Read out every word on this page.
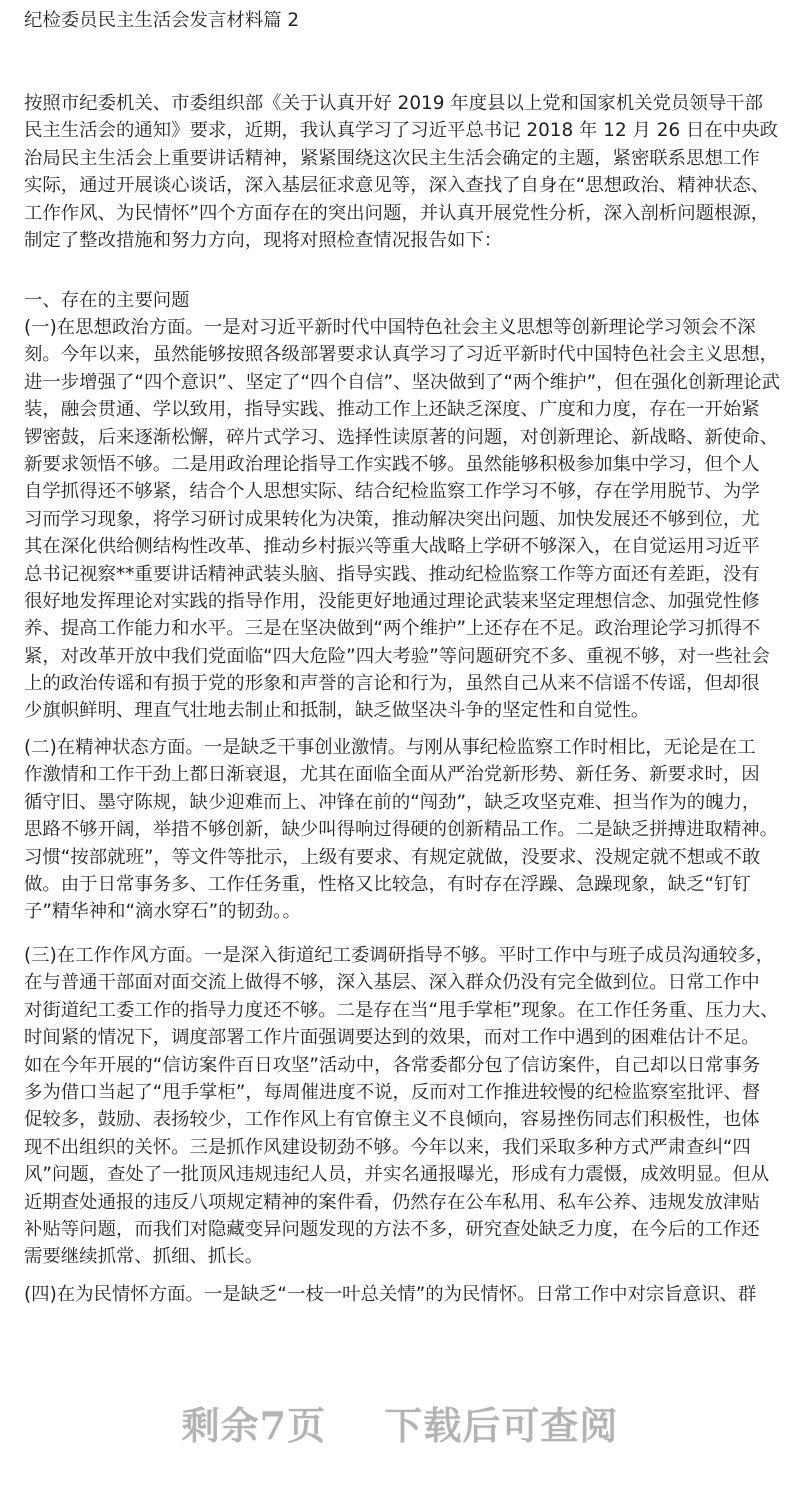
纪检委员民主生活会发言材料篇 2
按照市纪委机关、市委组织部《关于认真开好 2019 年度县以上党和国家机关党员领导干部
民主生活会的通知》要求，近期，我认真学习了习近平总书记 2018 年 12 月 26 日在中央政
治局民主生活会上重要讲话精神，紧紧围绕这次民主生活会确定的主题，紧密联系思想工作
实际，通过开展谈心谈话，深入基层征求意见等，深入查找了自身在“思想政治、精神状态、
工作作风、为民情怀”四个方面存在的突出问题，并认真开展党性分析，深入剖析问题根源，
制定了整改措施和努力方向，现将对照检查情况报告如下：
一、存在的主要问题
(一)在思想政治方面。一是对习近平新时代中国特色社会主义思想等创新理论学习领会不深
刻。今年以来，虽然能够按照各级部署要求认真学习了习近平新时代中国特色社会主义思想，
进一步增强了“四个意识”、坚定了“四个自信”、坚决做到了“两个维护”，但在强化创新理论武
装，融会贯通、学以致用，指导实践、推动工作上还缺乏深度、广度和力度，存在一开始紧
锣密鼓，后来逐渐松懈，碎片式学习、选择性读原著的问题，对创新理论、新战略、新使命、
新要求领悟不够。二是用政治理论指导工作实践不够。虽然能够积极参加集中学习，但个人
自学抓得还不够紧，结合个人思想实际、结合纪检监察工作学习不够，存在学用脱节、为学
习而学习现象，将学习研讨成果转化为决策，推动解决突出问题、加快发展还不够到位，尤
其在深化供给侧结构性改革、推动乡村振兴等重大战略上学研不够深入，在自觉运用习近平
总书记视察**重要讲话精神武装头脑、指导实践、推动纪检监察工作等方面还有差距，没有
很好地发挥理论对实践的指导作用，没能更好地通过理论武装来坚定理想信念、加强党性修
养、提高工作能力和水平。三是在坚决做到“两个维护”上还存在不足。政治理论学习抓得不
紧，对改革开放中我们党面临“四大危险”四大考验”等问题研究不多、重视不够，对一些社会
上的政治传谣和有损于党的形象和声誉的言论和行为，虽然自己从来不信谣不传谣，但却很
少旗帜鲜明、理直气壮地去制止和抵制，缺乏做坚决斗争的坚定性和自觉性。
(二)在精神状态方面。一是缺乏干事创业激情。与刚从事纪检监察工作时相比，无论是在工
作激情和工作干劲上都日渐衰退，尤其在面临全面从严治党新形势、新任务、新要求时，因
循守旧、墨守陈规，缺少迎难而上、冲锋在前的“闯劲”，缺乏攻坚克难、担当作为的魄力，
思路不够开阔，举措不够创新，缺少叫得响过得硬的创新精品工作。二是缺乏拼搏进取精神。
习惯“按部就班”，等文件等批示，上级有要求、有规定就做，没要求、没规定就不想或不敢
做。由于日常事务多、工作任务重，性格又比较急，有时存在浮躁、急躁现象，缺乏“钉钉
子”精华神和“滴水穿石”的韧劲。。
(三)在工作作风方面。一是深入街道纪工委调研指导不够。平时工作中与班子成员沟通较多，
在与普通干部面对面交流上做得不够，深入基层、深入群众仍没有完全做到位。日常工作中
对街道纪工委工作的指导力度还不够。二是存在当“甩手掌柜”现象。在工作任务重、压力大、
时间紧的情况下，调度部署工作片面强调要达到的效果，而对工作中遇到的困难估计不足。
如在今年开展的“信访案件百日攻坚”活动中，各常委都分包了信访案件，自己却以日常事务
多为借口当起了“甩手掌柜”，每周催进度不说，反而对工作推进较慢的纪检监察室批评、督
促较多，鼓励、表扬较少，工作作风上有官僚主义不良倾向，容易挫伤同志们积极性，也体
现不出组织的关怀。三是抓作风建设韧劲不够。今年以来，我们采取多种方式严肃查纠“四
风”问题，查处了一批顶风违规违纪人员，并实名通报曝光，形成有力震慑，成效明显。但从
近期查处通报的违反八项规定精神的案件看，仍然存在公车私用、私车公养、违规发放津贴
补贴等问题，而我们对隐藏变异问题发现的方法不多，研究查处缺乏力度，在今后的工作还
需要继续抓常、抓细、抓长。
(四)在为民情怀方面。一是缺乏“一枝一叶总关情”的为民情怀。日常工作中对宗旨意识、群
剩余7页 下载后可查阅
